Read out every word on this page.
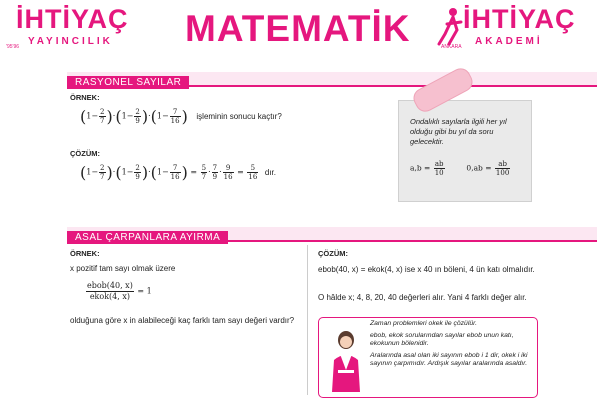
İHTİYAÇ
YAYINCILIK
'95'96	MATEMATİK İHTİYAÇ
AKADEMİ
ANKARA
RASYONEL SAYILAR
ÖRNEK:
$(1- \frac{2}{7} )\cdot(1- \frac{2}{9} )\cdot(1- \frac{7}{16}$ ) işleminin sonucu kaçtır?
ÇÖZÜM:
$(1- \frac{2}{7} )\cdot(1- \frac{2}{9} )\cdot(1- \frac{7}{16}$ ) = $\frac{5}{7} \cdot \frac{7}{9} \cdot \frac{9}{16} = \frac{5}{16}$ dır.
Ondalıklı sayılarla ilgili her yıl olduğu gibi bu yıl da soru gelecektir.
$a,b = \frac{ab}{10}$	$0,ab = \frac{ab}{100}$
ASAL ÇARPANLARA AYIRMA
ÖRNEK:
x pozitif tam sayı olmak üzere
$\frac{\text{ebob(40, x)}}{\text{ekok(4, x)}} = 1$
olduğuna göre x in alabileceği kaç farklı tam sayı değeri vardır?
ÇÖZÜM:
ebob(40, x) = ekok(4, x) ise x 40 ın böleni, 4 ün katı olmalıdır.
O hâlde x; 4, 8, 20, 40 değerleri alır. Yani 4 farklı değer alır.
Zaman problemleri okek ile çözülür.
ebob, ekok sorularından sayılar ebob unun katı, ekokunun bölenidir.
Aralarında asal olan iki sayının ebob i 1 dir, okek i iki sayının çarpımıdır. Ardışık sayılar aralarında asaldır.
